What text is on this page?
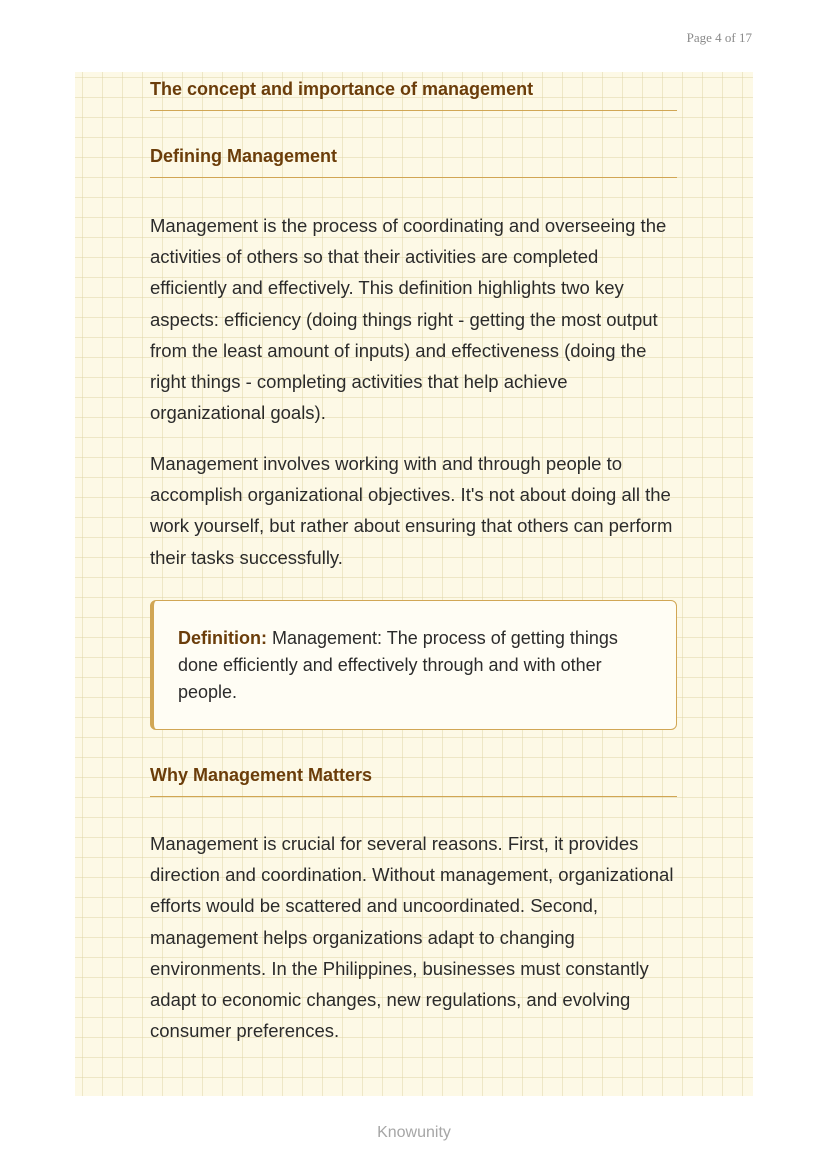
Page 4 of 17
The concept and importance of management
Defining Management

Management is the process of coordinating and overseeing the activities of others so that their activities are completed efficiently and effectively. This definition highlights two key aspects: efficiency (doing things right - getting the most output from the least amount of inputs) and effectiveness (doing the right things - completing activities that help achieve organizational goals).

Management involves working with and through people to accomplish organizational objectives. It's not about doing all the work yourself, but rather about ensuring that others can perform their tasks successfully.

Definition: Management: The process of getting things done efficiently and effectively through and with other people.
Why Management Matters

Management is crucial for several reasons. First, it provides direction and coordination. Without management, organizational efforts would be scattered and uncoordinated. Second, management helps organizations adapt to changing environments. In the Philippines, businesses must constantly adapt to economic changes, new regulations, and evolving consumer preferences.

Knowunity
